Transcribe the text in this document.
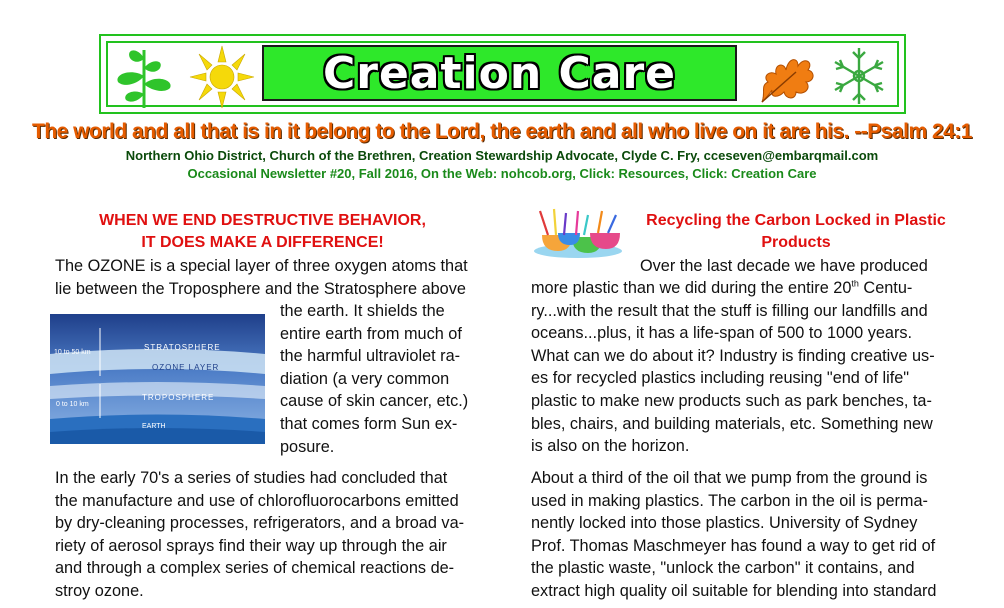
Creation Care
The world and all that is in it belong to the Lord, the earth and all who live on it are his. --Psalm 24:1
Northern Ohio District, Church of the Brethren, Creation Stewardship Advocate, Clyde C. Fry, cceseven@embarqmail.com
Occasional Newsletter #20, Fall 2016, On the Web: nohcob.org, Click: Resources, Click: Creation Care
WHEN WE END DESTRUCTIVE BEHAVIOR,
IT DOES MAKE A DIFFERENCE!
The OZONE is a special layer of three oxygen atoms that
lie between the Troposphere and the Stratosphere above
the earth. It shields the
entire earth from much of
the harmful ultraviolet ra-
diation (a very common
cause of skin cancer, etc.)
that comes form Sun ex-
posure.
10 to 50 km
0 to 10 km
STRATOSPHERE
OZONE LAYER
TROPOSPHERE
EARTH
In the early 70's a series of studies had concluded that
the manufacture and use of chlorofluorocarbons emitted
by dry-cleaning processes, refrigerators, and a broad va-
riety of aerosol sprays find their way up through the air
and through a complex series of chemical reactions de-
stroy ozone.
Recycling the Carbon Locked in Plastic
Products
Over the last decade we have produced
more plastic than we did during the entire 20th Centu-
ry...with the result that the stuff is filling our landfills and
oceans...plus, it has a life-span of 500 to 1000 years.
What can we do about it? Industry is finding creative us-
es for recycled plastics including reusing "end of life"
plastic to make new products such as park benches, ta-
bles, chairs, and building materials, etc. Something new
is also on the horizon.
About a third of the oil that we pump from the ground is
used in making plastics. The carbon in the oil is perma-
nently locked into those plastics. University of Sydney
Prof. Thomas Maschmeyer has found a way to get rid of
the plastic waste, "unlock the carbon" it contains, and
extract high quality oil suitable for blending into standard
